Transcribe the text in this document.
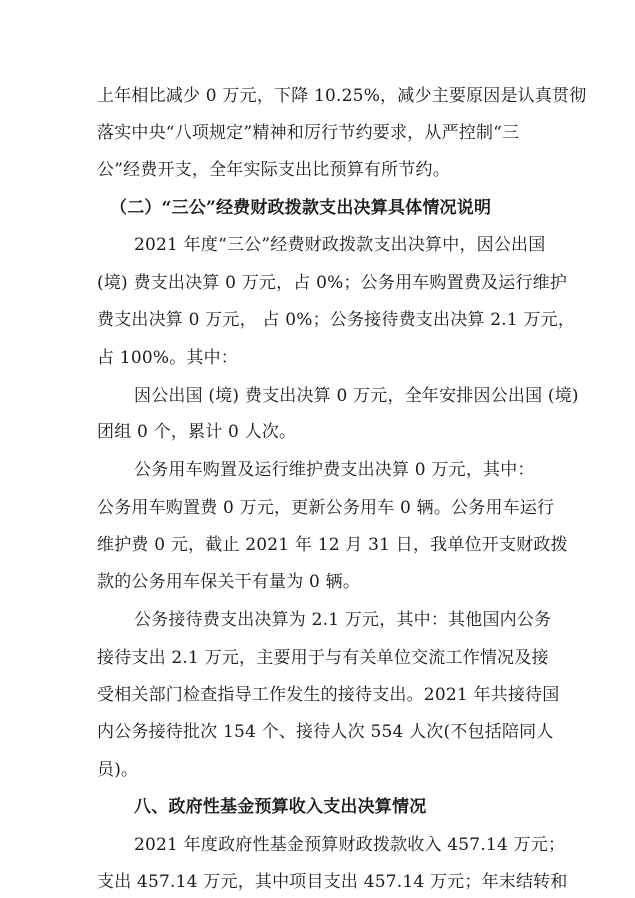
上年相比减少 0 万元，下降 10.25%，减少主要原因是认真贯彻
落实中央“八项规定”精神和厉行节约要求，从严控制“三
公”经费开支，全年实际支出比预算有所节约。
（二）“三公”经费财政拨款支出决算具体情况说明
2021 年度“三公”经费财政拨款支出决算中，因公出国
(境) 费支出决算 0 万元，占 0%；公务用车购置费及运行维护
费支出决算 0 万元， 占 0%；公务接待费支出决算 2.1 万元，
占 100%。其中：
因公出国 (境) 费支出决算 0 万元，全年安排因公出国 (境)
团组 0 个，累计 0 人次。
公务用车购置及运行维护费支出决算 0 万元，其中：
公务用车购置费 0 万元，更新公务用车 0 辆。公务用车运行
维护费 0 元，截止 2021 年 12 月 31 日，我单位开支财政拨
款的公务用车保关干有量为 0 辆。
公务接待费支出决算为 2.1 万元，其中：其他国内公务
接待支出 2.1 万元，主要用于与有关单位交流工作情况及接
受相关部门检查指导工作发生的接待支出。2021 年共接待国
内公务接待批次 154 个、接待人次 554 人次(不包括陪同人
员)。
八、政府性基金预算收入支出决算情况
2021 年度政府性基金预算财政拨款收入 457.14 万元；
支出 457.14 万元，其中项目支出 457.14 万元；年末结转和
